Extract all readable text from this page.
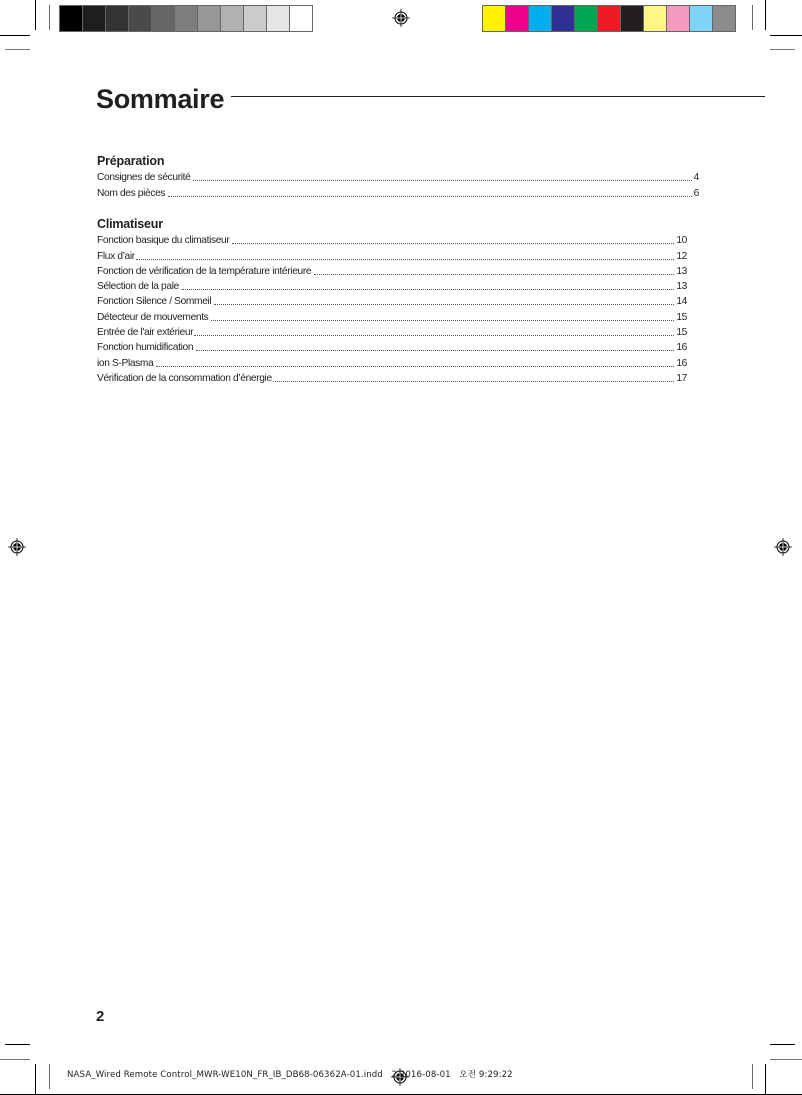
Sommaire
Préparation
Consignes de sécurité	4
Nom des pièces	6
Climatiseur
Fonction basique du climatiseur	10
Flux d’air	12
Fonction de vérification de la température intérieure	13
Sélection de la pale	13
Fonction Silence / Sommeil	14
Détecteur de mouvements	15
Entrée de l'air extérieur	15
Fonction humidification	16
ion S-Plasma	16
Vérification de la consommation d’énergie	17
2
NASA_Wired Remote Control_MWR-WE10N_FR_IB_DB68-06362A-01.indd 2 2016-08-01 오전 9:29:22
